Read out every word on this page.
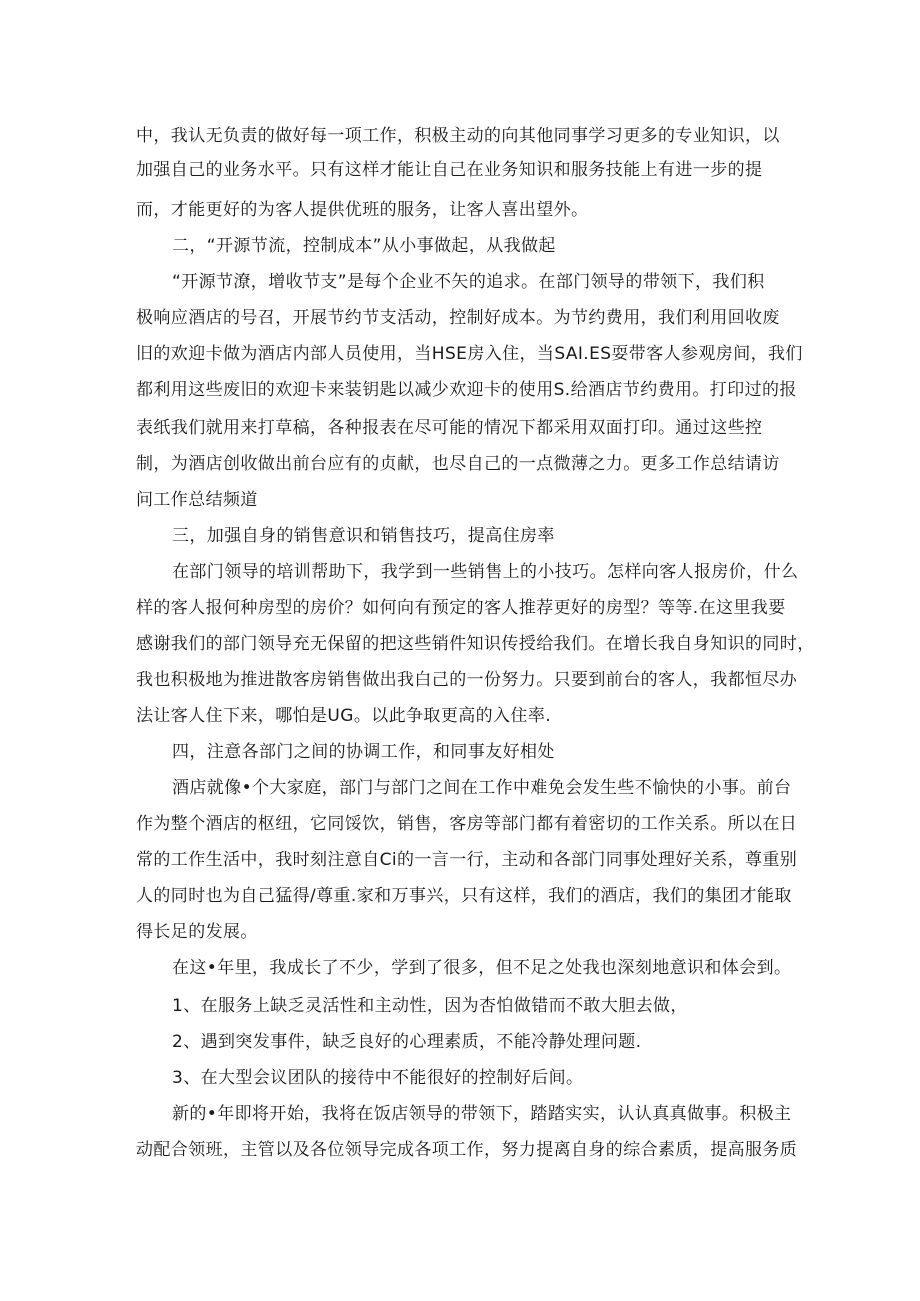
中，我认无负责的做好每一项工作，积极主动的向其他同事学习更多的专业知识，以
加强自己的业务水平。只有这样才能让自己在业务知识和服务技能上有进一步的提
而，才能更好的为客人提供优班的服务，让客人喜出望外。
二，“开源节流，控制成本”从小事做起，从我做起
“开源节潦，增收节支”是每个企业不矢的追求。在部门领导的带领下，我们积
极响应酒店的号召，开展节约节支活动，控制好成本。为节约费用，我们利用回收废
旧的欢迎卡做为酒店内部人员使用，当HSE房入住，当SAI.ES耍带客人参观房间，我们
都利用这些废旧的欢迎卡来装钥匙以减少欢迎卡的使用S.给酒店节约费用。打印过的报
表纸我们就用来打草稿，各种报表在尽可能的情况下都采用双面打印。通过这些控
制，为酒店创收做出前台应有的贞献，也尽自己的一点微薄之力。更多工作总结请访
问工作总结频道
三，加强自身的销售意识和销售技巧，提高住房率
在部门领导的培训帮助下，我学到一些销售上的小技巧。怎样向客人报房价，什么
样的客人报何种房型的房价？如何向有预定的客人推荐更好的房型？等等.在这里我要
感谢我们的部门领导充无保留的把这些销件知识传授给我们。在增长我自身知识的同时，
我也积极地为推进散客房销售做出我白己的一份努力。只要到前台的客人，我都恒尽办
法让客人住下来，哪怕是UG。以此争取更高的入住率.
四，注意各部门之间的协调工作，和同事友好相处
酒店就像•个大家庭，部门与部门之间在工作中难免会发生些不愉快的小事。前台
作为整个酒店的枢纽，它同馁饮，销售，客房等部门都有着密切的工作关系。所以在日
常的工作生活中，我时刻注意自Ci的一言一行，主动和各部门同事处理好关系，尊重别
人的同时也为自己猛得/尊重.家和万事兴，只有这样，我们的酒店，我们的集团才能取
得长足的发展。
在这•年里，我成长了不少，学到了很多，但不足之处我也深刻地意识和体会到。
1、在服务上缺乏灵活性和主动性，因为杏怕做错而不敢大胆去做，
2、遇到突发事件，缺乏良好的心理素质，不能冷静处理问题.
3、在大型会议团队的接待中不能很好的控制好后间。
新的•年即将开始，我将在饭店领导的带领下，踏踏实实，认认真真做事。积极主
动配合领班，主管以及各位领导完成各项工作，努力提离自身的综合素质，提高服务质
